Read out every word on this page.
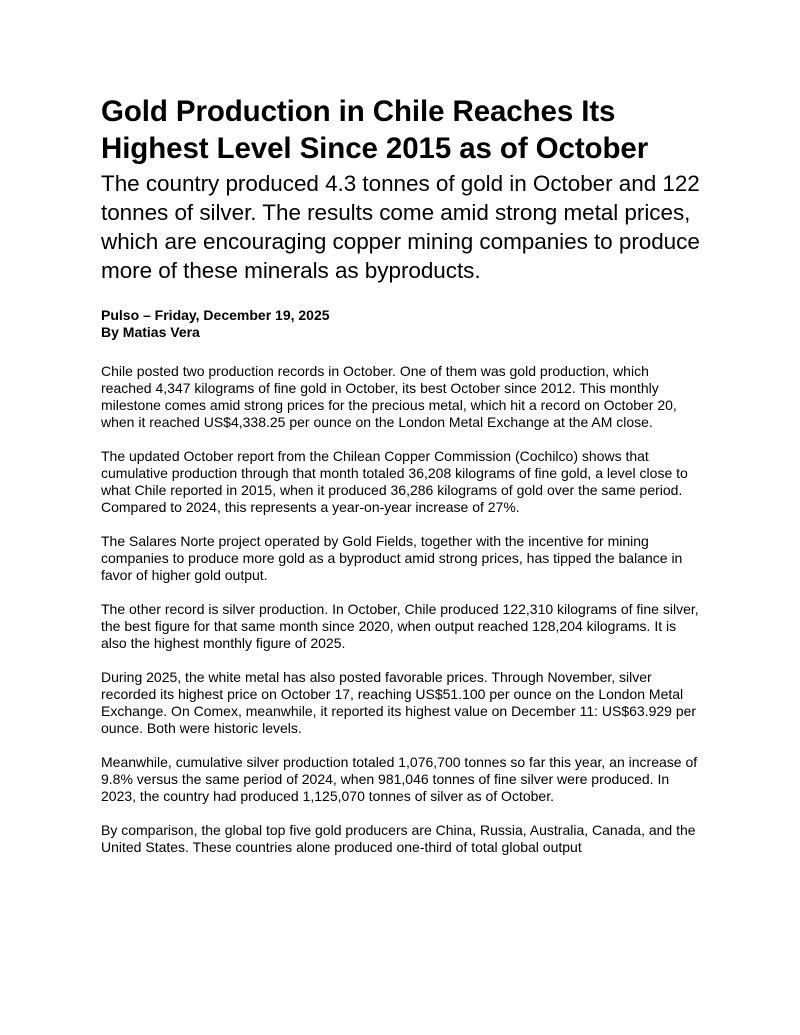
Gold Production in Chile Reaches Its Highest Level Since 2015 as of October
The country produced 4.3 tonnes of gold in October and 122 tonnes of silver. The results come amid strong metal prices, which are encouraging copper mining companies to produce more of these minerals as byproducts.
Pulso – Friday, December 19, 2025
By Matias Vera

Chile posted two production records in October. One of them was gold production, which reached 4,347 kilograms of fine gold in October, its best October since 2012. This monthly milestone comes amid strong prices for the precious metal, which hit a record on October 20, when it reached US$4,338.25 per ounce on the London Metal Exchange at the AM close.

The updated October report from the Chilean Copper Commission (Cochilco) shows that cumulative production through that month totaled 36,208 kilograms of fine gold, a level close to what Chile reported in 2015, when it produced 36,286 kilograms of gold over the same period. Compared to 2024, this represents a year-on-year increase of 27%.

The Salares Norte project operated by Gold Fields, together with the incentive for mining companies to produce more gold as a byproduct amid strong prices, has tipped the balance in favor of higher gold output.

The other record is silver production. In October, Chile produced 122,310 kilograms of fine silver, the best figure for that same month since 2020, when output reached 128,204 kilograms. It is also the highest monthly figure of 2025.

During 2025, the white metal has also posted favorable prices. Through November, silver recorded its highest price on October 17, reaching US$51.100 per ounce on the London Metal Exchange. On Comex, meanwhile, it reported its highest value on December 11: US$63.929 per ounce. Both were historic levels.

Meanwhile, cumulative silver production totaled 1,076,700 tonnes so far this year, an increase of 9.8% versus the same period of 2024, when 981,046 tonnes of fine silver were produced. In 2023, the country had produced 1,125,070 tonnes of silver as of October.

By comparison, the global top five gold producers are China, Russia, Australia, Canada, and the United States. These countries alone produced one-third of total global output
